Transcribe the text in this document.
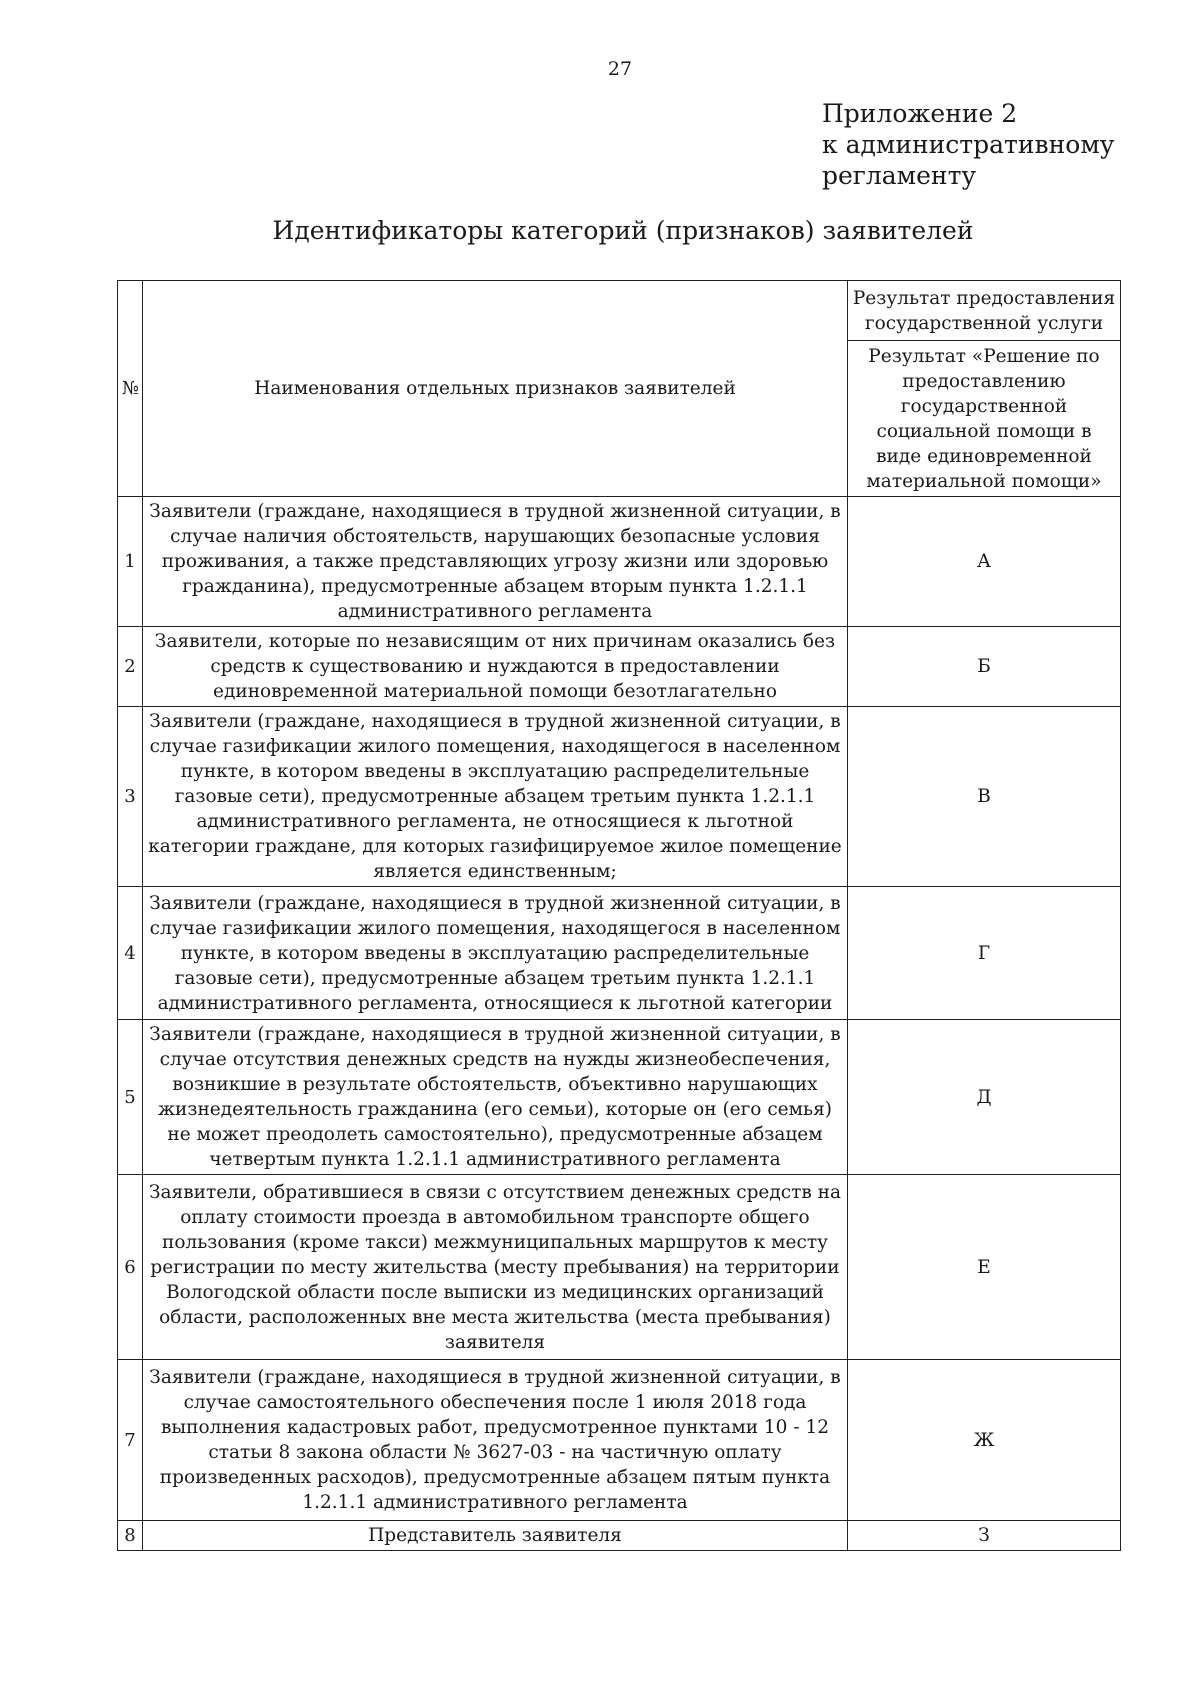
27
Приложение 2
к административному
регламенту
Идентификаторы категорий (признаков) заявителей
№	Наименования отдельных признаков заявителей	Результат предоставления государственной услуги
		Результат «Решение по предоставлению государственной социальной помощи в виде единовременной материальной помощи»
1	Заявители (граждане, находящиеся в трудной жизненной ситуации, в случае наличия обстоятельств, нарушающих безопасные условия проживания, а также представляющих угрозу жизни или здоровью гражданина), предусмотренные абзацем вторым пункта 1.2.1.1 административного регламента	А
2	Заявители, которые по независящим от них причинам оказались без средств к существованию и нуждаются в предоставлении единовременной материальной помощи безотлагательно	Б
3	Заявители (граждане, находящиеся в трудной жизненной ситуации, в случае газификации жилого помещения, находящегося в населенном пункте, в котором введены в эксплуатацию распределительные газовые сети), предусмотренные абзацем третьим пункта 1.2.1.1 административного регламента, не относящиеся к льготной категории граждане, для которых газифицируемое жилое помещение является единственным;	В
4	Заявители (граждане, находящиеся в трудной жизненной ситуации, в случае газификации жилого помещения, находящегося в населенном пункте, в котором введены в эксплуатацию распределительные газовые сети), предусмотренные абзацем третьим пункта 1.2.1.1 административного регламента, относящиеся к льготной категории	Г
5	Заявители (граждане, находящиеся в трудной жизненной ситуации, в случае отсутствия денежных средств на нужды жизнеобеспечения, возникшие в результате обстоятельств, объективно нарушающих жизнедеятельность гражданина (его семьи), которые он (его семья) не может преодолеть самостоятельно), предусмотренные абзацем четвертым пункта 1.2.1.1 административного регламента	Д
6	Заявители, обратившиеся в связи с отсутствием денежных средств на оплату стоимости проезда в автомобильном транспорте общего пользования (кроме такси) межмуниципальных маршрутов к месту регистрации по месту жительства (месту пребывания) на территории Вологодской области после выписки из медицинских организаций области, расположенных вне места жительства (места пребывания) заявителя	Е
7	Заявители (граждане, находящиеся в трудной жизненной ситуации, в случае самостоятельного обеспечения после 1 июля 2018 года выполнения кадастровых работ, предусмотренное пунктами 10 - 12 статьи 8 закона области № 3627-03 - на частичную оплату произведенных расходов), предусмотренные абзацем пятым пункта 1.2.1.1 административного регламента	Ж
8	Представитель заявителя	З
